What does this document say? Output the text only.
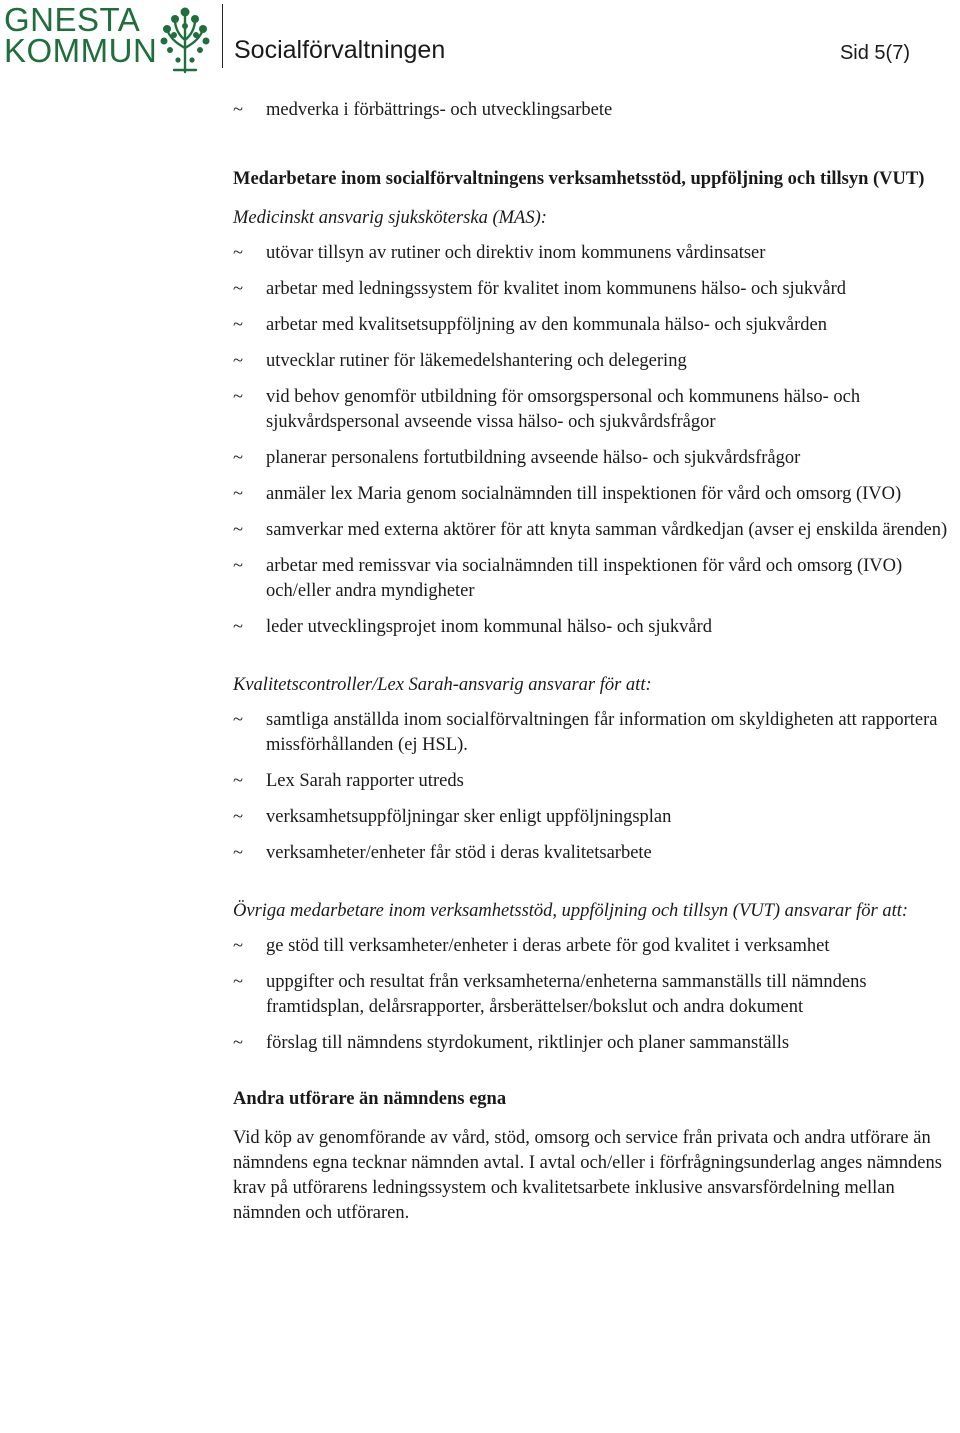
GNESTA
KOMMUN	Socialförvaltningen	Sid 5(7)
~ medverka i förbättrings- och utvecklingsarbete

Medarbetare inom socialförvaltningens verksamhetsstöd, uppföljning och tillsyn (VUT)

Medicinskt ansvarig sjuksköterska (MAS):

~ utövar tillsyn av rutiner och direktiv inom kommunens vårdinsatser
~ arbetar med ledningssystem för kvalitet inom kommunens hälso- och sjukvård
~ arbetar med kvalitsetsuppföljning av den kommunala hälso- och sjukvården
~ utvecklar rutiner för läkemedelshantering och delegering
~ vid behov genomför utbildning för omsorgspersonal och kommunens hälso- och sjukvårdspersonal avseende vissa hälso- och sjukvårdsfrågor
~ planerar personalens fortutbildning avseende hälso- och sjukvårdsfrågor
~ anmäler lex Maria genom socialnämnden till inspektionen för vård och omsorg (IVO)
~ samverkar med externa aktörer för att knyta samman vårdkedjan (avser ej enskilda ärenden)
~ arbetar med remissvar via socialnämnden till inspektionen för vård och omsorg (IVO) och/eller andra myndigheter
~ leder utvecklingsprojet inom kommunal hälso- och sjukvård

Kvalitetscontroller/Lex Sarah-ansvarig ansvarar för att:

~ samtliga anställda inom socialförvaltningen får information om skyldigheten att rapportera missförhållanden (ej HSL).
~ Lex Sarah rapporter utreds
~ verksamhetsuppföljningar sker enligt uppföljningsplan
~ verksamheter/enheter får stöd i deras kvalitetsarbete

Övriga medarbetare inom verksamhetsstöd, uppföljning och tillsyn (VUT) ansvarar för att:

~ ge stöd till verksamheter/enheter i deras arbete för god kvalitet i verksamhet
~ uppgifter och resultat från verksamheterna/enheterna sammanställs till nämndens framtidsplan, delårsrapporter, årsberättelser/bokslut och andra dokument
~ förslag till nämndens styrdokument, riktlinjer och planer sammanställs

Andra utförare än nämndens egna

Vid köp av genomförande av vård, stöd, omsorg och service från privata och andra utförare än nämndens egna tecknar nämnden avtal. I avtal och/eller i förfrågningsunderlag anges nämndens krav på utförarens ledningssystem och kvalitetsarbete inklusive ansvarsfördelning mellan nämnden och utföraren.
